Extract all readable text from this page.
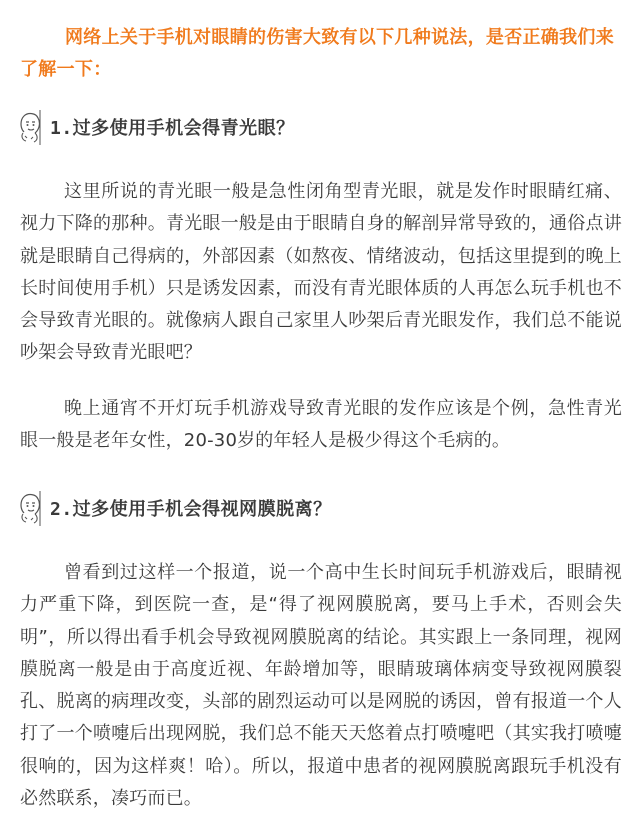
网络上关于手机对眼睛的伤害大致有以下几种说法，是否正确我们来了解一下：
1.过多使用手机会得青光眼？
这里所说的青光眼一般是急性闭角型青光眼，就是发作时眼睛红痛、视力下降的那种。青光眼一般是由于眼睛自身的解剖异常导致的，通俗点讲就是眼睛自己得病的，外部因素（如熬夜、情绪波动，包括这里提到的晚上长时间使用手机）只是诱发因素，而没有青光眼体质的人再怎么玩手机也不会导致青光眼的。就像病人跟自己家里人吵架后青光眼发作，我们总不能说吵架会导致青光眼吧？
晚上通宵不开灯玩手机游戏导致青光眼的发作应该是个例，急性青光眼一般是老年女性，20-30岁的年轻人是极少得这个毛病的。
2.过多使用手机会得视网膜脱离？
曾看到过这样一个报道，说一个高中生长时间玩手机游戏后，眼睛视力严重下降，到医院一查，是“得了视网膜脱离，要马上手术，否则会失明”，所以得出看手机会导致视网膜脱离的结论。其实跟上一条同理，视网膜脱离一般是由于高度近视、年龄增加等，眼睛玻璃体病变导致视网膜裂孔、脱离的病理改变，头部的剧烈运动可以是网脱的诱因，曾有报道一个人打了一个喷嚏后出现网脱，我们总不能天天悠着点打喷嚏吧（其实我打喷嚏很响的，因为这样爽！哈）。所以，报道中患者的视网膜脱离跟玩手机没有必然联系，凑巧而已。
